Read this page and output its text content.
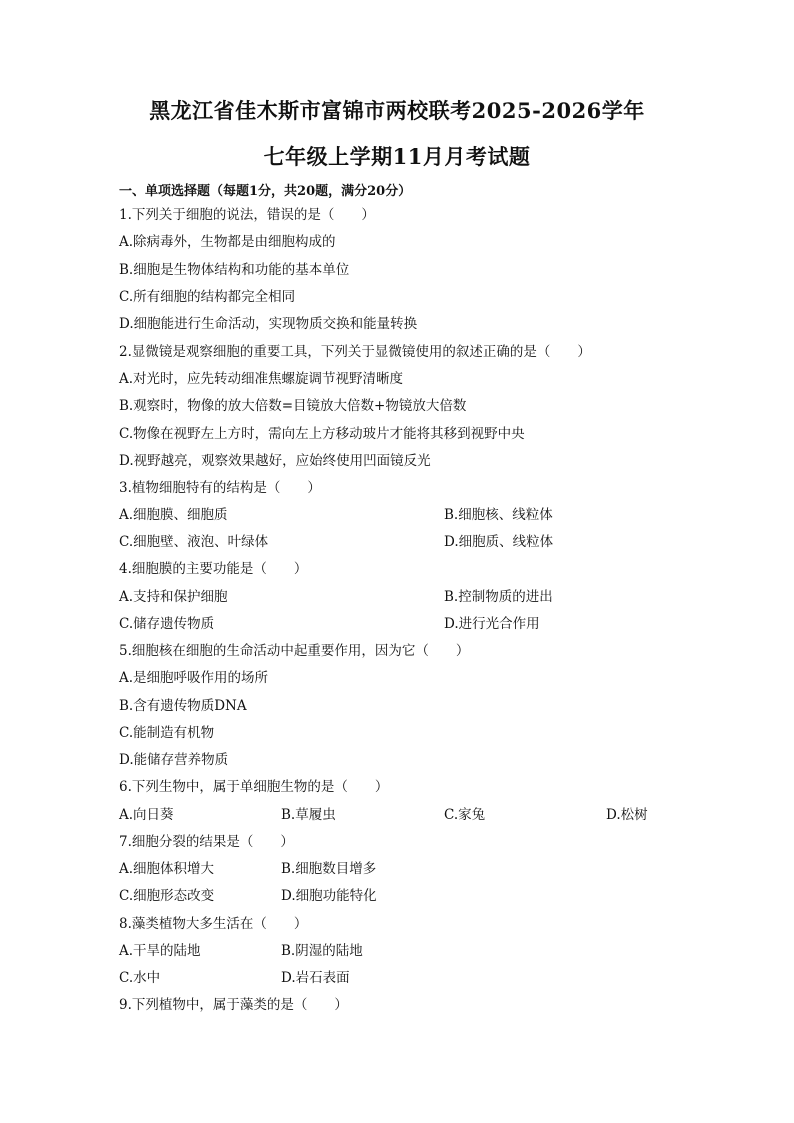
黑龙江省佳木斯市富锦市两校联考2025-2026学年
七年级上学期11月月考试题
一、单项选择题（每题1分，共20题，满分20分）
1.下列关于细胞的说法，错误的是（　　）
A.除病毒外，生物都是由细胞构成的
B.细胞是生物体结构和功能的基本单位
C.所有细胞的结构都完全相同
D.细胞能进行生命活动，实现物质交换和能量转换
2.显微镜是观察细胞的重要工具，下列关于显微镜使用的叙述正确的是（　　）
A.对光时，应先转动细准焦螺旋调节视野清晰度
B.观察时，物像的放大倍数=目镜放大倍数+物镜放大倍数
C.物像在视野左上方时，需向左上方移动玻片才能将其移到视野中央
D.视野越亮，观察效果越好，应始终使用凹面镜反光
3.植物细胞特有的结构是（　　）
A.细胞膜、细胞质	B.细胞核、线粒体
C.细胞壁、液泡、叶绿体	D.细胞质、线粒体
4.细胞膜的主要功能是（　　）
A.支持和保护细胞	B.控制物质的进出
C.储存遗传物质	D.进行光合作用
5.细胞核在细胞的生命活动中起重要作用，因为它（　　）
A.是细胞呼吸作用的场所
B.含有遗传物质DNA
C.能制造有机物
D.能储存营养物质
6.下列生物中，属于单细胞生物的是（　　）
A.向日葵	B.草履虫	C.家兔	D.松树
7.细胞分裂的结果是（　　）
A.细胞体积增大	B.细胞数目增多
C.细胞形态改变	D.细胞功能特化
8.藻类植物大多生活在（　　）
A.干旱的陆地	B.阴湿的陆地
C.水中	D.岩石表面
9.下列植物中，属于藻类的是（　　）
